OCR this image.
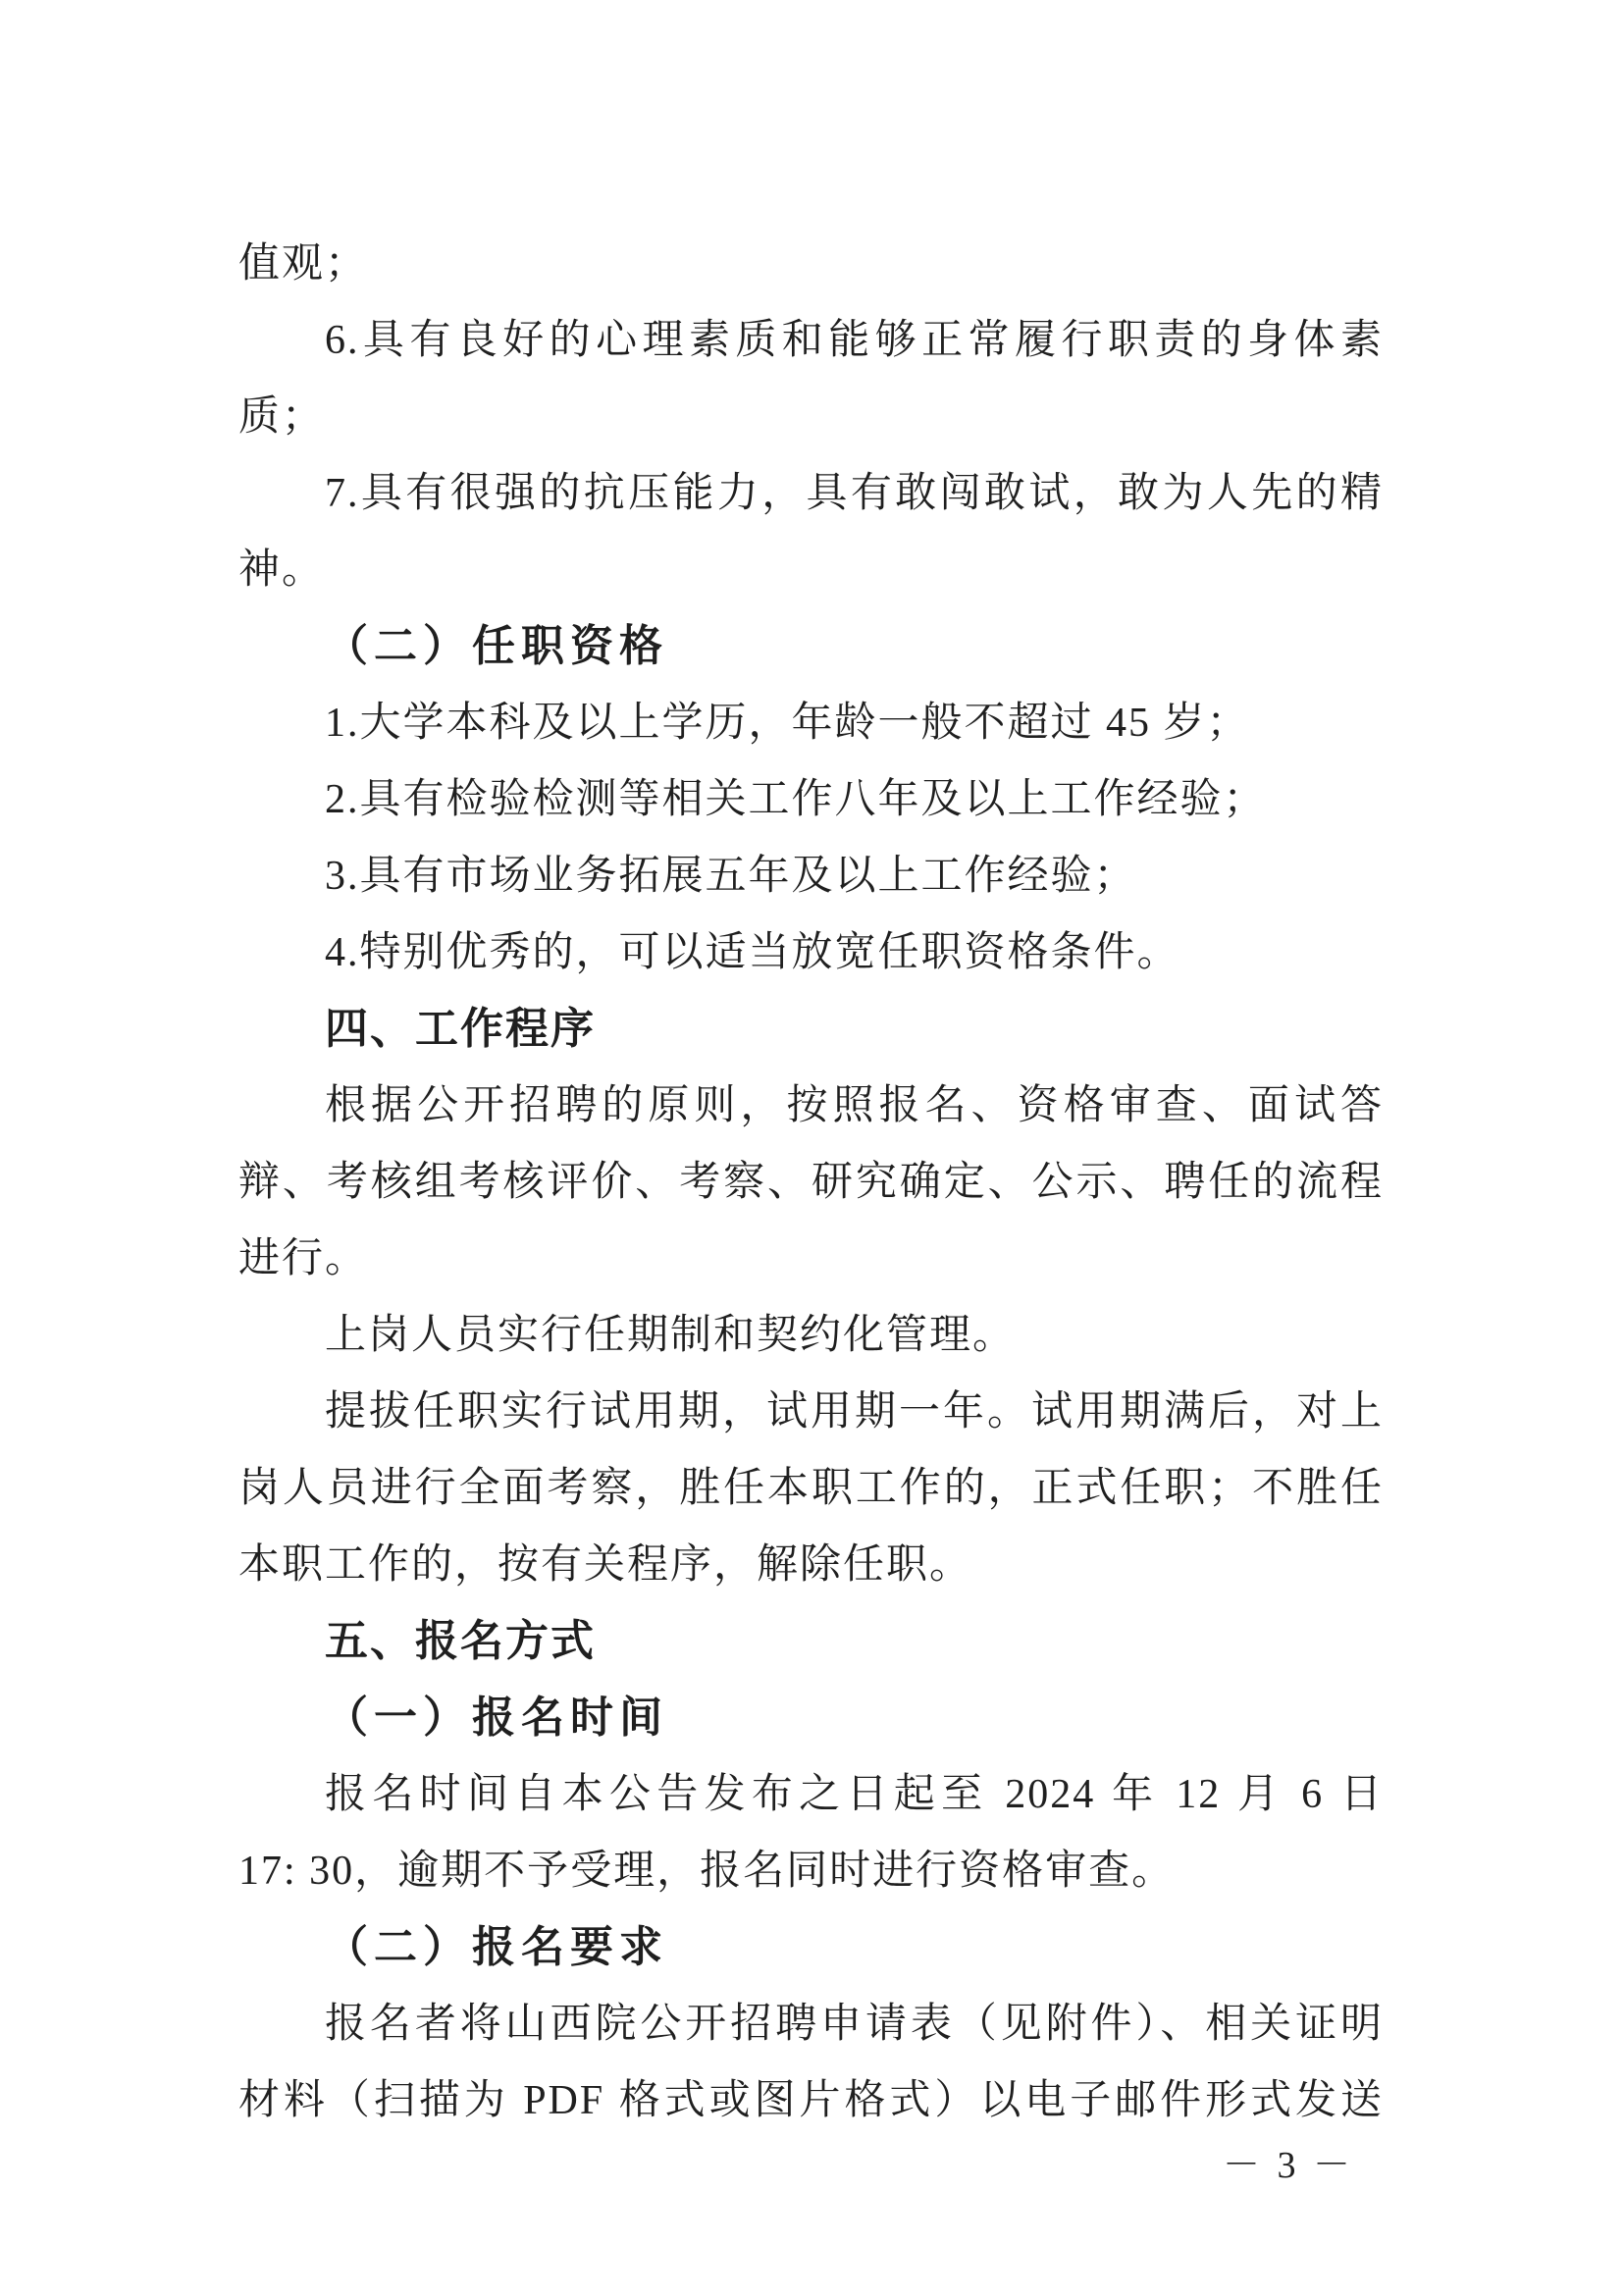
值观；
6.具有良好的心理素质和能够正常履行职责的身体素
质；
7.具有很强的抗压能力，具有敢闯敢试，敢为人先的精
神。
（二）任职资格
1.大学本科及以上学历，年龄一般不超过 45 岁；
2.具有检验检测等相关工作八年及以上工作经验；
3.具有市场业务拓展五年及以上工作经验；
4.特别优秀的，可以适当放宽任职资格条件。
四、工作程序
根据公开招聘的原则，按照报名、资格审查、面试答
辩、考核组考核评价、考察、研究确定、公示、聘任的流程
进行。
上岗人员实行任期制和契约化管理。
提拔任职实行试用期，试用期一年。试用期满后，对上
岗人员进行全面考察，胜任本职工作的，正式任职；不胜任
本职工作的，按有关程序，解除任职。
五、报名方式
（一）报名时间
报名时间自本公告发布之日起至 2024 年 12 月 6 日
17: 30，逾期不予受理，报名同时进行资格审查。
（二）报名要求
报名者将山西院公开招聘申请表（见附件）、相关证明
材料（扫描为 PDF 格式或图片格式）以电子邮件形式发送
－ 3 －
